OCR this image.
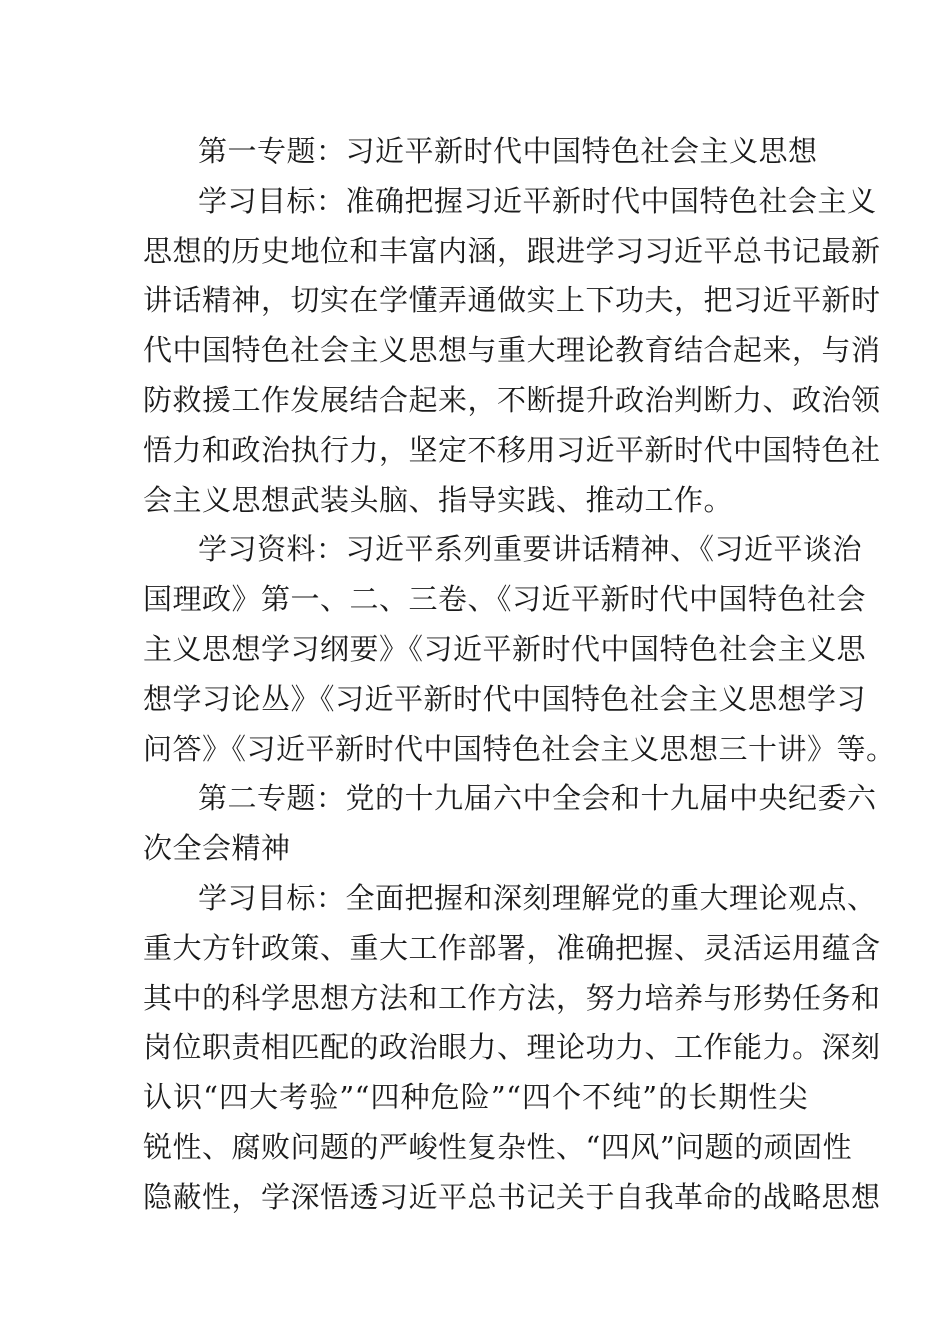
第一专题：习近平新时代中国特色社会主义思想
学习目标：准确把握习近平新时代中国特色社会主义
思想的历史地位和丰富内涵，跟进学习习近平总书记最新
讲话精神，切实在学懂弄通做实上下功夫，把习近平新时
代中国特色社会主义思想与重大理论教育结合起来，与消
防救援工作发展结合起来，不断提升政治判断力、政治领
悟力和政治执行力，坚定不移用习近平新时代中国特色社
会主义思想武装头脑、指导实践、推动工作。
学习资料：习近平系列重要讲话精神、《习近平谈治
国理政》第一、二、三卷、《习近平新时代中国特色社会
主义思想学习纲要》《习近平新时代中国特色社会主义思
想学习论丛》《习近平新时代中国特色社会主义思想学习
问答》《习近平新时代中国特色社会主义思想三十讲》等。
第二专题：党的十九届六中全会和十九届中央纪委六
次全会精神
学习目标：全面把握和深刻理解党的重大理论观点、
重大方针政策、重大工作部署，准确把握、灵活运用蕴含
其中的科学思想方法和工作方法，努力培养与形势任务和
岗位职责相匹配的政治眼力、理论功力、工作能力。深刻
认识“四大考验”“四种危险”“四个不纯”的长期性尖
锐性、腐败问题的严峻性复杂性、“四风”问题的顽固性
隐蔽性，学深悟透习近平总书记关于自我革命的战略思想
